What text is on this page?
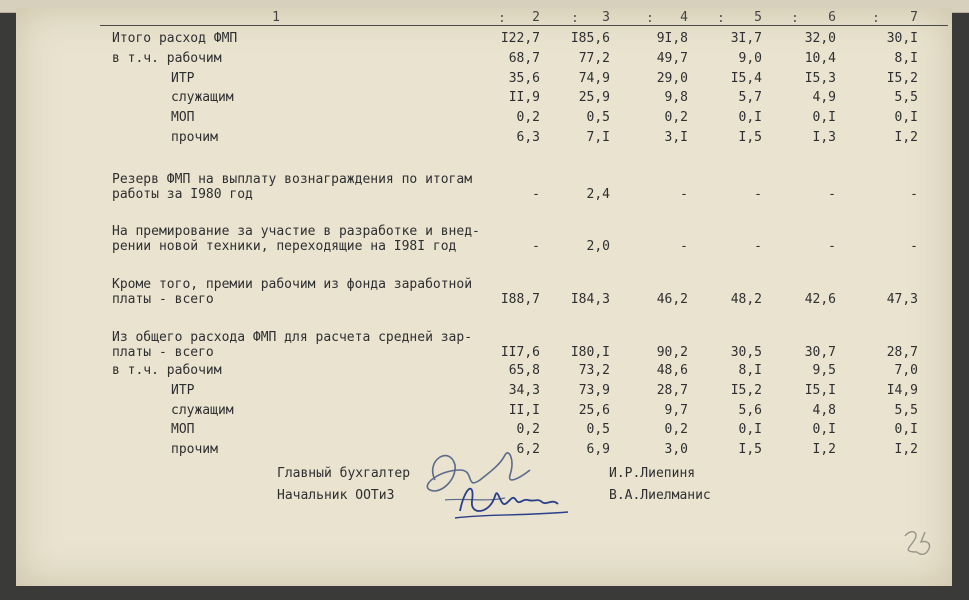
1	2	3	4	5	6	7
:	:	:	:	:	:
Итого расход ФМП	I22,7	I85,6	9I,8	3I,7	32,0	30,I
в т.ч. рабочим	68,7	77,2	49,7	9,0	10,4	8,I
ИТР	35,6	74,9	29,0	I5,4	I5,3	I5,2
служащим	II,9	25,9	9,8	5,7	4,9	5,5
МОП	0,2	0,5	0,2	0,I	0,I	0,I
прочим	6,3	7,I	3,I	I,5	I,3	I,2
Резерв ФМП на выплату вознаграждения по итогам
работы за I980 год	-	2,4	-	-	-	-
На премирование за участие в разработке и внед-
рении новой техники, переходящие на I98I год	-	2,0	-	-	-	-
Кроме того, премии рабочим из фонда заработной
платы - всего	I88,7	I84,3	46,2	48,2	42,6	47,3
Из общего расхода ФМП для расчета средней зар-
платы - всего	II7,6	I80,I	90,2	30,5	30,7	28,7
в т.ч. рабочим	65,8	73,2	48,6	8,I	9,5	7,0
ИТР	34,3	73,9	28,7	I5,2	I5,I	I4,9
служащим	II,I	25,6	9,7	5,6	4,8	5,5
МОП	0,2	0,5	0,2	0,I	0,I	0,I
прочим	6,2	6,9	3,0	I,5	I,2	I,2
Главный бухгалтер	И.Р.Лиепиня
Начальник ООТиЗ	В.А.Лиелманис
